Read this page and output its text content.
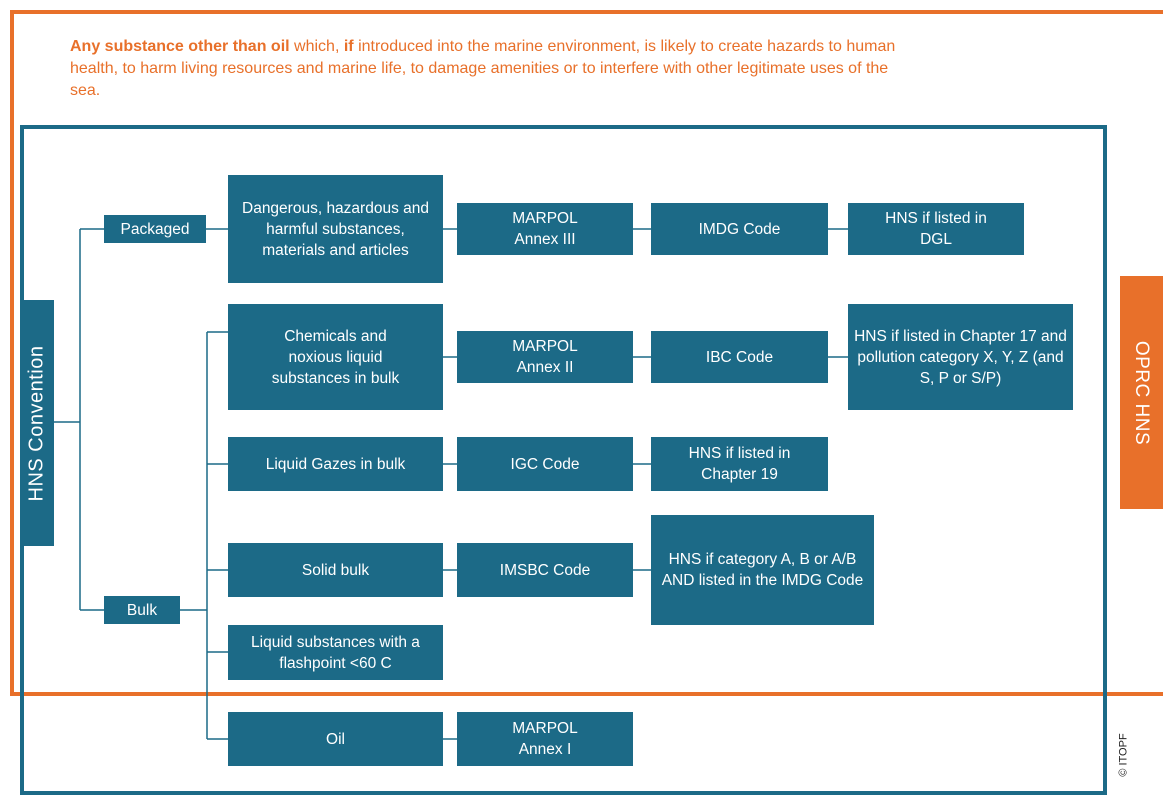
Any substance other than oil which, if introduced into the marine environment, is likely to create hazards to human health, to harm living resources and marine life, to damage amenities or to interfere with other legitimate uses of the sea.
HNS Convention	OPRC HNS
Packaged
Bulk
Dangerous, hazardous and harmful substances, materials and articles
MARPOL Annex III
IMDG Code
HNS if listed in DGL
Chemicals and noxious liquid substances in bulk
MARPOL Annex II
IBC Code
HNS if listed in Chapter 17 and pollution category X, Y, Z (and S, P or S/P)
Liquid Gazes in bulk	IGC Code
HNS if listed in Chapter 19
Solid bulk	IMSBC Code
HNS if category A, B or A/B AND listed in the IMDG Code
Liquid substances with a flashpoint <60 C
Oil
MARPOL Annex I	© ITOPF
